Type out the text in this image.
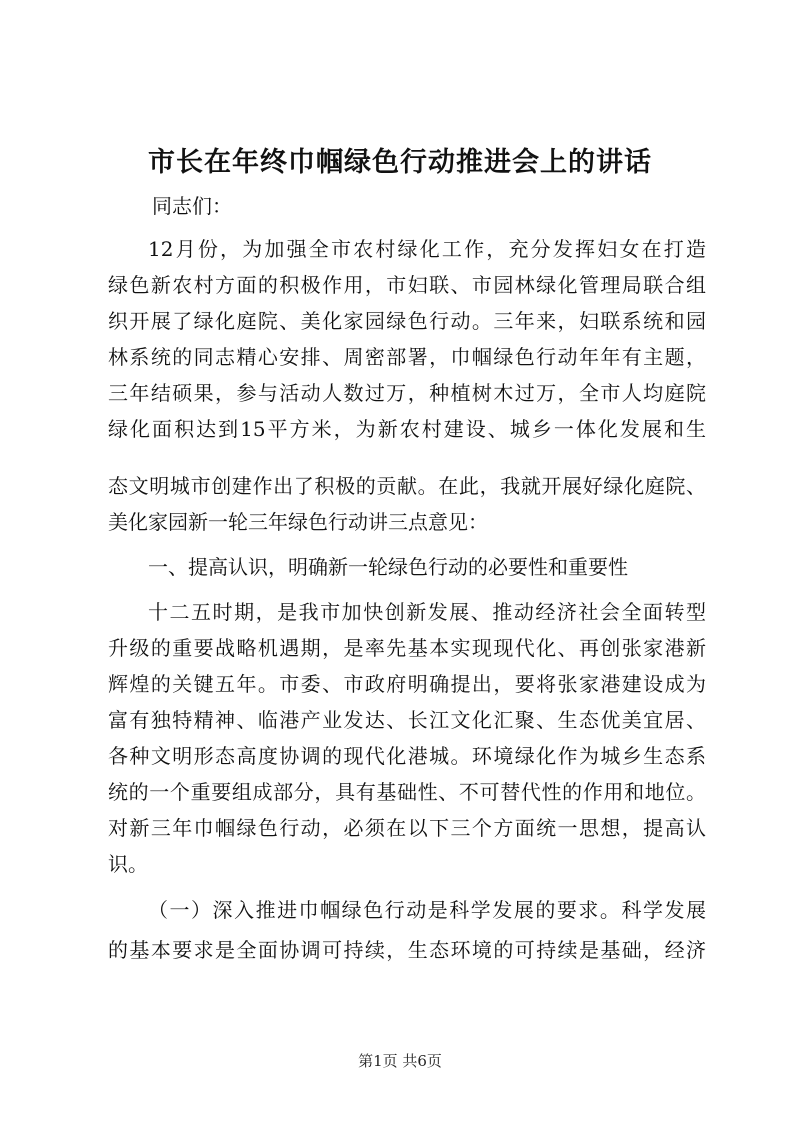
市长在年终巾帼绿色行动推进会上的讲话
同志们：
12月份，为加强全市农村绿化工作，充分发挥妇女在打造
绿色新农村方面的积极作用，市妇联、市园林绿化管理局联合组
织开展了绿化庭院、美化家园绿色行动。三年来，妇联系统和园
林系统的同志精心安排、周密部署，巾帼绿色行动年年有主题，
三年结硕果，参与活动人数过万，种植树木过万，全市人均庭院
绿化面积达到15平方米，为新农村建设、城乡一体化发展和生
态文明城市创建作出了积极的贡献。在此，我就开展好绿化庭院、
美化家园新一轮三年绿色行动讲三点意见：
一、提高认识，明确新一轮绿色行动的必要性和重要性
十二五时期，是我市加快创新发展、推动经济社会全面转型
升级的重要战略机遇期，是率先基本实现现代化、再创张家港新
辉煌的关键五年。市委、市政府明确提出，要将张家港建设成为
富有独特精神、临港产业发达、长江文化汇聚、生态优美宜居、
各种文明形态高度协调的现代化港城。环境绿化作为城乡生态系
统的一个重要组成部分，具有基础性、不可替代性的作用和地位。
对新三年巾帼绿色行动，必须在以下三个方面统一思想，提高认
识。
（一）深入推进巾帼绿色行动是科学发展的要求。科学发展
的基本要求是全面协调可持续，生态环境的可持续是基础，经济
第1页 共6页
